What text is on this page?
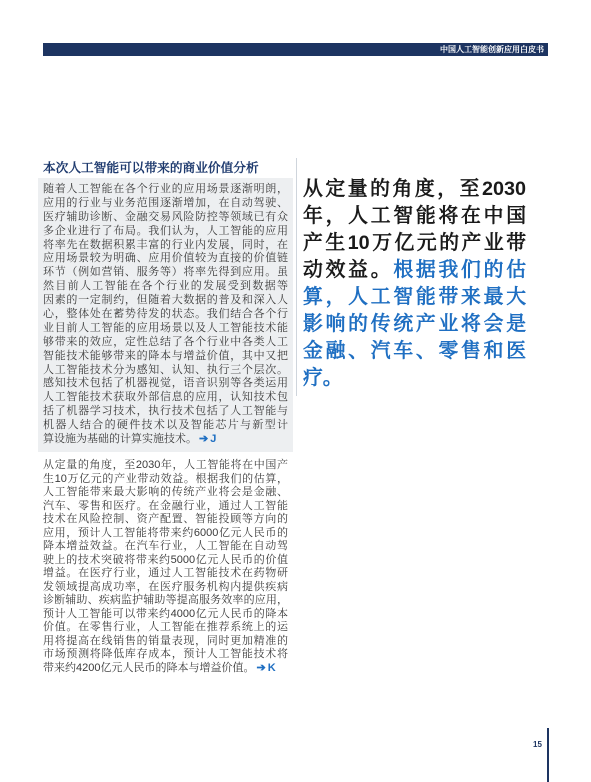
中国人工智能创新应用白皮书
本次人工智能可以带来的商业价值分析
随着人工智能在各个行业的应用场景逐渐明朗，
应用的行业与业务范围逐渐增加，在自动驾驶、
医疗辅助诊断、金融交易风险防控等领域已有众
多企业进行了布局。我们认为，人工智能的应用
将率先在数据积累丰富的行业内发展，同时，在
应用场景较为明确、应用价值较为直接的价值链
环节（例如营销、服务等）将率先得到应用。虽
然目前人工智能在各个行业的发展受到数据等
因素的一定制约，但随着大数据的普及和深入人
心，整体处在蓄势待发的状态。我们结合各个行
业目前人工智能的应用场景以及人工智能技术能
够带来的效应，定性总结了各个行业中各类人工
智能技术能够带来的降本与增益价值，其中又把
人工智能技术分为感知、认知、执行三个层次。
感知技术包括了机器视觉，语音识别等各类运用
人工智能技术获取外部信息的应用，认知技术包
括了机器学习技术，执行技术包括了人工智能与
机器人结合的硬件技术以及智能芯片与新型计
算设施为基础的计算实施技术。 ➔ J
从定量的角度，至2030年，人工智能将在中国产
生10万亿元的产业带动效益。根据我们的估算，
人工智能带来最大影响的传统产业将会是金融、
汽车、零售和医疗。在金融行业，通过人工智能
技术在风险控制、资产配置、智能投顾等方向的
应用，预计人工智能将带来约6000亿元人民币的
降本增益效益。在汽车行业，人工智能在自动驾
驶上的技术突破将带来约5000亿元人民币的价值
增益。在医疗行业，通过人工智能技术在药物研
发领域提高成功率，在医疗服务机构内提供疾病
诊断辅助、疾病监护辅助等提高服务效率的应用，
预计人工智能可以带来约4000亿元人民币的降本
价值。在零售行业，人工智能在推荐系统上的运
用将提高在线销售的销量表现，同时更加精准的
市场预测将降低库存成本，预计人工智能技术将
带来约4200亿元人民币的降本与增益价值。 ➔ K
从定量的角度，至2030
年，人工智能将在中国
产生10万亿元的产业带
动效益。根据我们的估
算，人工智能带来最大
影响的传统产业将会是
金融、汽车、零售和医
疗。
15
